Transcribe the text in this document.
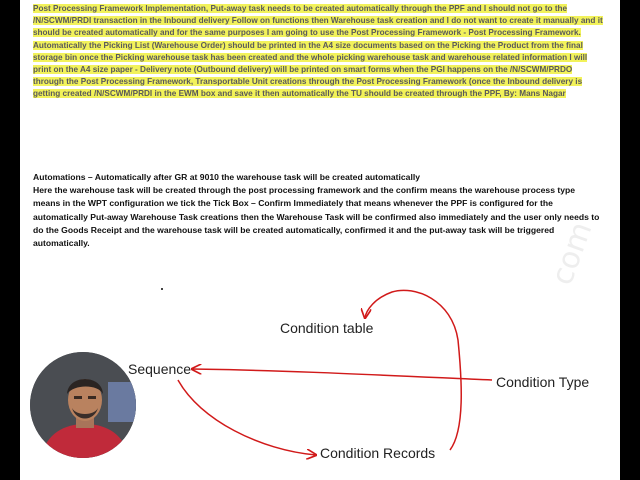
Post Processing Framework Implementation, Put-away task needs to be created automatically through the PPF and I should not go to the /N/SCWM/PRDI transaction in the Inbound delivery Follow on functions then Warehouse task creation and I do not want to create it manually and it should be created automatically and for the same purposes I am going to use the Post Processing Framework - Post Processing Framework. Automatically the Picking List (Warehouse Order) should be printed in the A4 size documents based on the Picking the Product from the final storage bin once the Picking warehouse task has been created and the whole picking warehouse task and warehouse related information I will print on the A4 size paper - Delivery note (Outbound delivery) will be printed on smart forms when the PGI happens on the /N/SCWM/PRDO through the Post Processing Framework, Transportable Unit creations through the Post Processing Framework (once the Inbound delivery is getting created /N/SCWM/PRDI in the EWM box and save it then automatically the TU should be created through the PPF, By: Mans Nagar

Automations – Automatically after GR at 9010 the warehouse task will be created automatically

Here the warehouse task will be created through the post processing framework and the confirm means the warehouse process type means in the WPT configuration we tick the Tick Box – Confirm Immediately that means whenever the PPF is configured for the automatically Put-away Warehouse Task creations then the Warehouse Task will be confirmed also immediately and the user only needs to do the Goods Receipt and the warehouse task will be created automatically, confirmed it and the put-away task will be triggered automatically.	com
Condition table
Sequence
Condition Type
Condition Records
